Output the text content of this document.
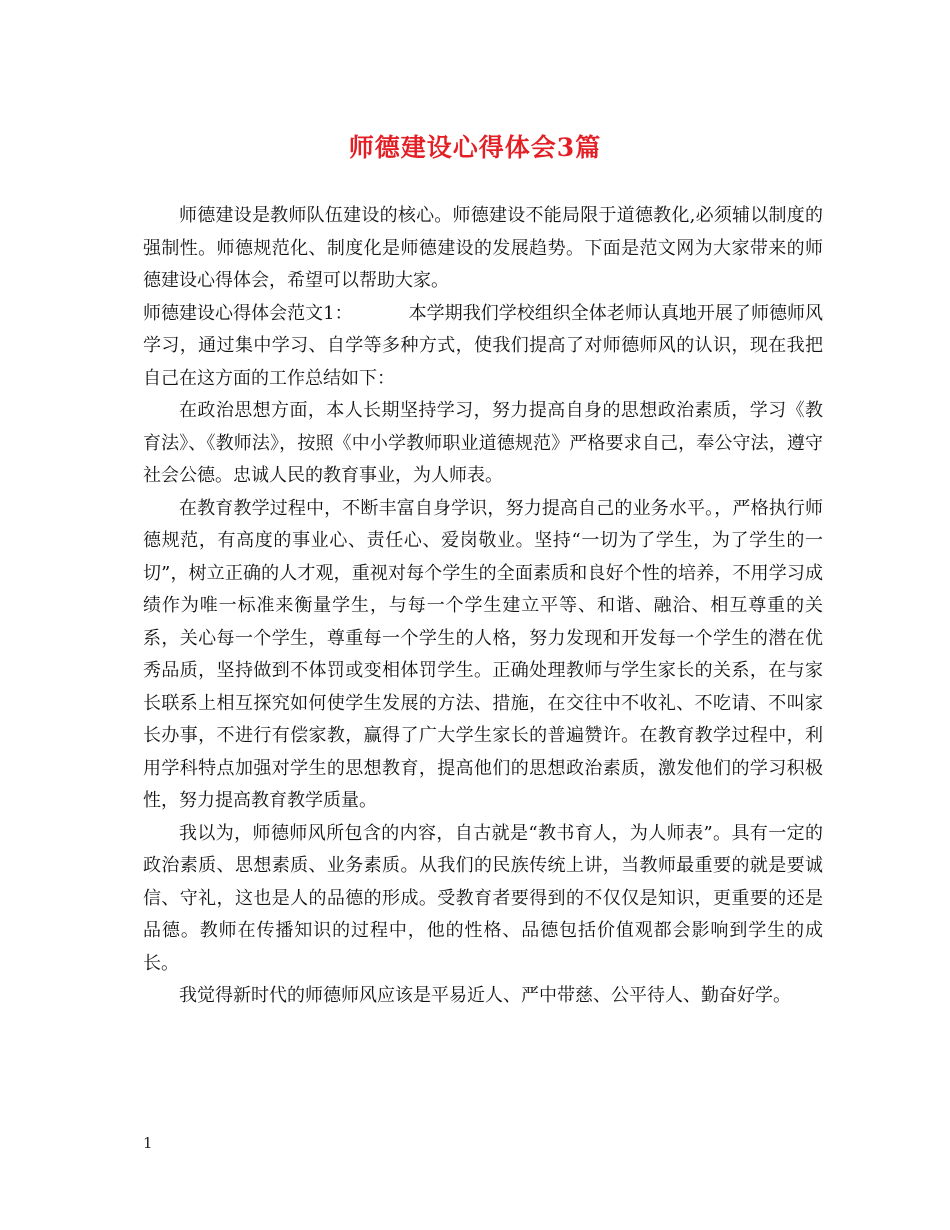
师德建设心得体会3篇

师德建设是教师队伍建设的核心。师德建设不能局限于道德教化,必须辅以制度的强制性。师德规范化、制度化是师德建设的发展趋势。下面是范文网为大家带来的师德建设心得体会，希望可以帮助大家。

师德建设心得体会范文1：	本学期我们学校组织全体老师认真地开展了师德师风学习，通过集中学习、自学等多种方式，使我们提高了对师德师风的认识，现在我把自己在这方面的工作总结如下：

在政治思想方面，本人长期坚持学习，努力提高自身的思想政治素质，学习《教育法》、《教师法》，按照《中小学教师职业道德规范》严格要求自己，奉公守法，遵守社会公德。忠诚人民的教育事业，为人师表。

在教育教学过程中，不断丰富自身学识，努力提高自己的业务水平。，严格执行师德规范，有高度的事业心、责任心、爱岗敬业。坚持“一切为了学生，为了学生的一切”，树立正确的人才观，重视对每个学生的全面素质和良好个性的培养，不用学习成绩作为唯一标准来衡量学生，与每一个学生建立平等、和谐、融洽、相互尊重的关系，关心每一个学生，尊重每一个学生的人格，努力发现和开发每一个学生的潜在优秀品质，坚持做到不体罚或变相体罚学生。正确处理教师与学生家长的关系，在与家长联系上相互探究如何使学生发展的方法、措施，在交往中不收礼、不吃请、不叫家长办事，不进行有偿家教，赢得了广大学生家长的普遍赞许。在教育教学过程中，利用学科特点加强对学生的思想教育，提高他们的思想政治素质，激发他们的学习积极性，努力提高教育教学质量。

我以为，师德师风所包含的内容，自古就是“教书育人，为人师表”。具有一定的政治素质、思想素质、业务素质。从我们的民族传统上讲，当教师最重要的就是要诚信、守礼，这也是人的品德的形成。受教育者要得到的不仅仅是知识，更重要的还是品德。教师在传播知识的过程中，他的性格、品德包括价值观都会影响到学生的成长。

我觉得新时代的师德师风应该是平易近人、严中带慈、公平待人、勤奋好学。

1
